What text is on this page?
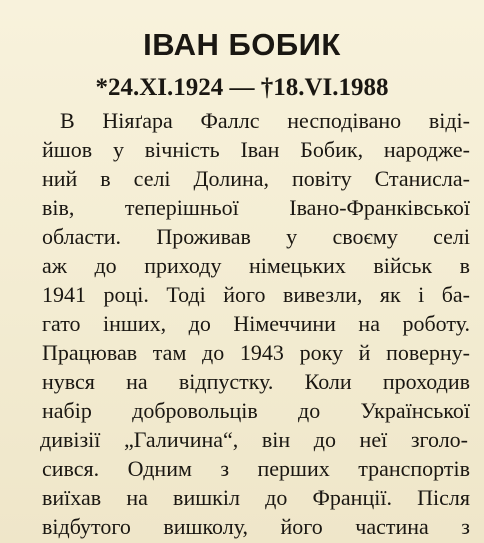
ІВАН БОБИК
*24.ХІ.1924 — †18.VI.1988
В Ніяґара Фаллс несподівано віді-
йшов у вічність Іван Бобик, народже-
ний в селі Долина, повіту Станисла-
вів, теперішньої Івано-Франківської
области. Проживав у своєму селі
аж до приходу німецьких військ в
1941 році. Тоді його вивезли, як і ба-
гато інших, до Німеччини на роботу.
Працював там до 1943 року й поверну-
нувся на відпустку. Коли проходив
набір добровольців до Української
дивізії „Галичина“, він до неї зголо-
сився. Одним з перших транспортів
виїхав на вишкіл до Франції. Після
відбутого вишколу, його частина з
